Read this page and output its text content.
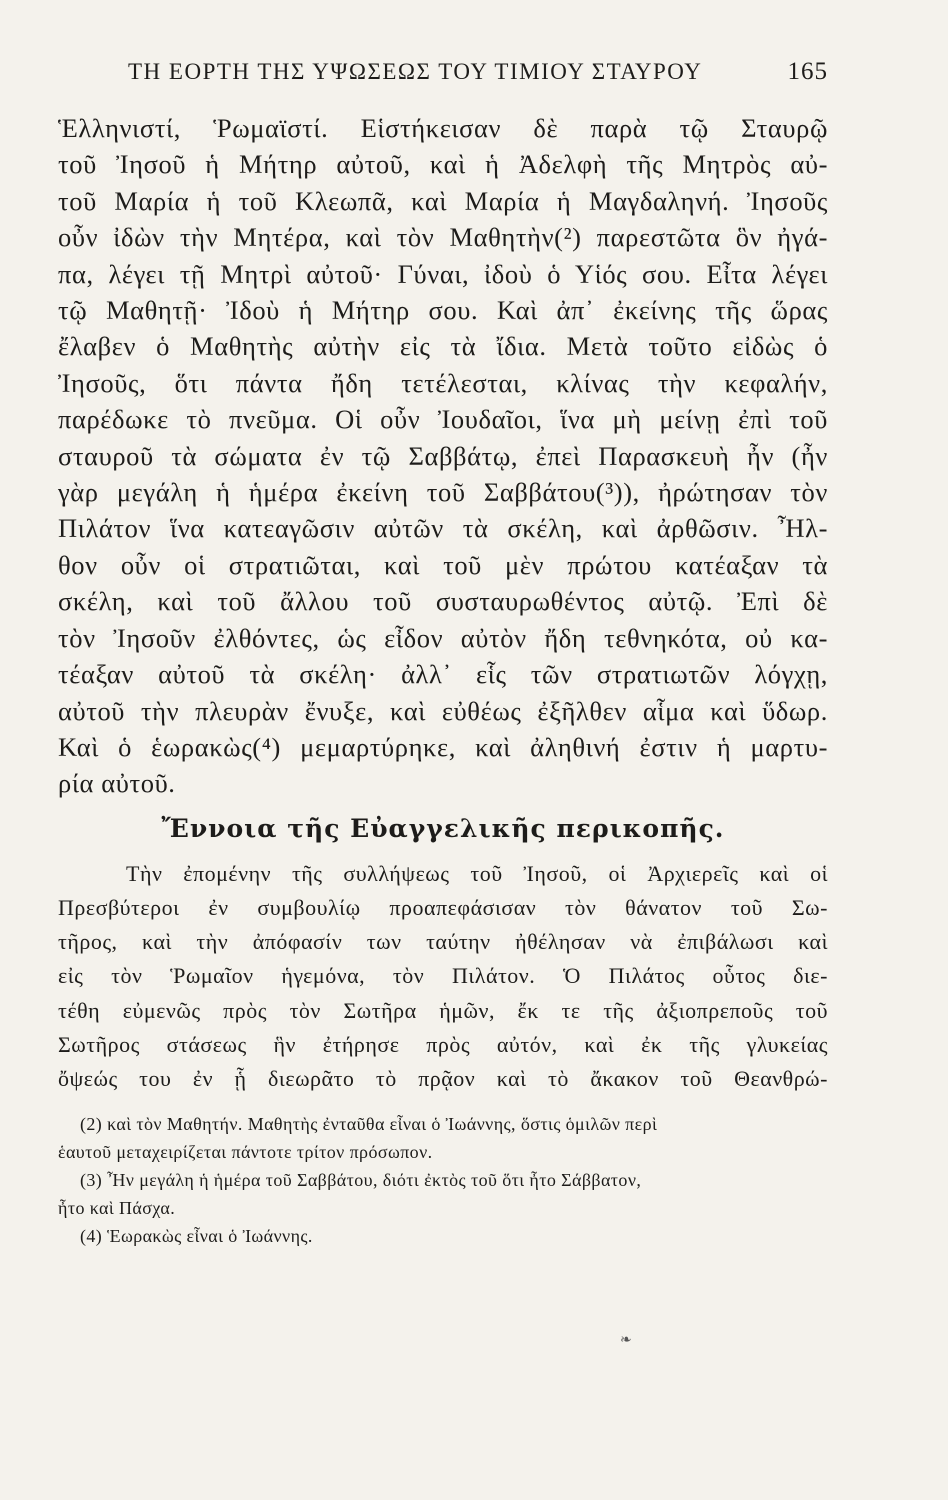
ΤΗ ΕΟΡΤΗ ΤΗΣ ΥΨΩΣΕΩΣ ΤΟΥ ΤΙΜΙΟΥ ΣΤΑΥΡΟΥ	165
Ἑλληνιστί, Ῥωμαϊστί. Εἱστήκεισαν δὲ παρὰ τῷ Σταυρῷ
τοῦ Ἰησοῦ ἡ Μήτηρ αὐτοῦ, καὶ ἡ Ἀδελφὴ τῆς Μητρὸς αὐ-
τοῦ Μαρία ἡ τοῦ Κλεωπᾶ, καὶ Μαρία ἡ Μαγδαληνή. Ἰησοῦς
οὖν ἰδὼν τὴν Μητέρα, καὶ τὸν Μαθητὴν(²) παρεστῶτα ὃν ἠγά-
πα, λέγει τῇ Μητρὶ αὐτοῦ· Γύναι, ἰδοὺ ὁ Υἱός σου. Εἶτα λέγει
τῷ Μαθητῇ· Ἰδοὺ ἡ Μήτηρ σου. Καὶ ἀπ᾽ ἐκείνης τῆς ὥρας
ἔλαβεν ὁ Μαθητὴς αὐτὴν εἰς τὰ ἴδια. Μετὰ τοῦτο εἰδὼς ὁ
Ἰησοῦς, ὅτι πάντα ἤδη τετέλεσται, κλίνας τὴν κεφαλήν,
παρέδωκε τὸ πνεῦμα. Οἱ οὖν Ἰουδαῖοι, ἵνα μὴ μείνῃ ἐπὶ τοῦ
σταυροῦ τὰ σώματα ἐν τῷ Σαββάτῳ, ἐπεὶ Παρασκευὴ ἦν (ἦν
γὰρ μεγάλη ἡ ἡμέρα ἐκείνη τοῦ Σαββάτου(³)), ἠρώτησαν τὸν
Πιλάτον ἵνα κατεαγῶσιν αὐτῶν τὰ σκέλη, καὶ ἀρθῶσιν. Ἦλ-
θον οὖν οἱ στρατιῶται, καὶ τοῦ μὲν πρώτου κατέαξαν τὰ
σκέλη, καὶ τοῦ ἄλλου τοῦ συσταυρωθέντος αὐτῷ. Ἐπὶ δὲ
τὸν Ἰησοῦν ἐλθόντες, ὡς εἶδον αὐτὸν ἤδη τεθνηκότα, οὐ κα-
τέαξαν αὐτοῦ τὰ σκέλη· ἀλλ᾽ εἷς τῶν στρατιωτῶν λόγχῃ,
αὐτοῦ τὴν πλευρὰν ἔνυξε, καὶ εὐθέως ἐξῆλθεν αἷμα καὶ ὕδωρ.
Καὶ ὁ ἑωρακὼς(⁴) μεμαρτύρηκε, καὶ ἀληθινή ἐστιν ἡ μαρτυ-
ρία αὐτοῦ.
Ἔννοια τῆς Εὐαγγελικῆς περικοπῆς.
Τὴν ἐπομένην τῆς συλλήψεως τοῦ Ἰησοῦ, οἱ Ἀρχιερεῖς καὶ οἱ
Πρεσβύτεροι ἐν συμβουλίῳ προαπεφάσισαν τὸν θάνατον τοῦ Σω-
τῆρος, καὶ τὴν ἀπόφασίν των ταύτην ἠθέλησαν νὰ ἐπιβάλωσι καὶ
εἰς τὸν Ῥωμαῖον ἡγεμόνα, τὸν Πιλάτον. Ὁ Πιλάτος οὗτος διε-
τέθη εὐμενῶς πρὸς τὸν Σωτῆρα ἡμῶν, ἔκ τε τῆς ἀξιοπρεποῦς τοῦ
Σωτῆρος στάσεως ἣν ἐτήρησε πρὸς αὐτόν, καὶ ἐκ τῆς γλυκείας
ὄψεώς του ἐν ᾗ διεωρᾶτο τὸ πρᾷον καὶ τὸ ἄκακον τοῦ Θεανθρώ-
(2) καὶ τὸν Μαθητήν. Μαθητὴς ἐνταῦθα εἶναι ὁ Ἰωάννης, ὅστις ὁμιλῶν περὶ
ἑαυτοῦ μεταχειρίζεται πάντοτε τρίτον πρόσωπον.
(3) Ἦν μεγάλη ἡ ἡμέρα τοῦ Σαββάτου, διότι ἐκτὸς τοῦ ὅτι ἦτο Σάββατον,
ἦτο καὶ Πάσχα.
(4) Ἑωρακὼς εἶναι ὁ Ἰωάννης.
❧
